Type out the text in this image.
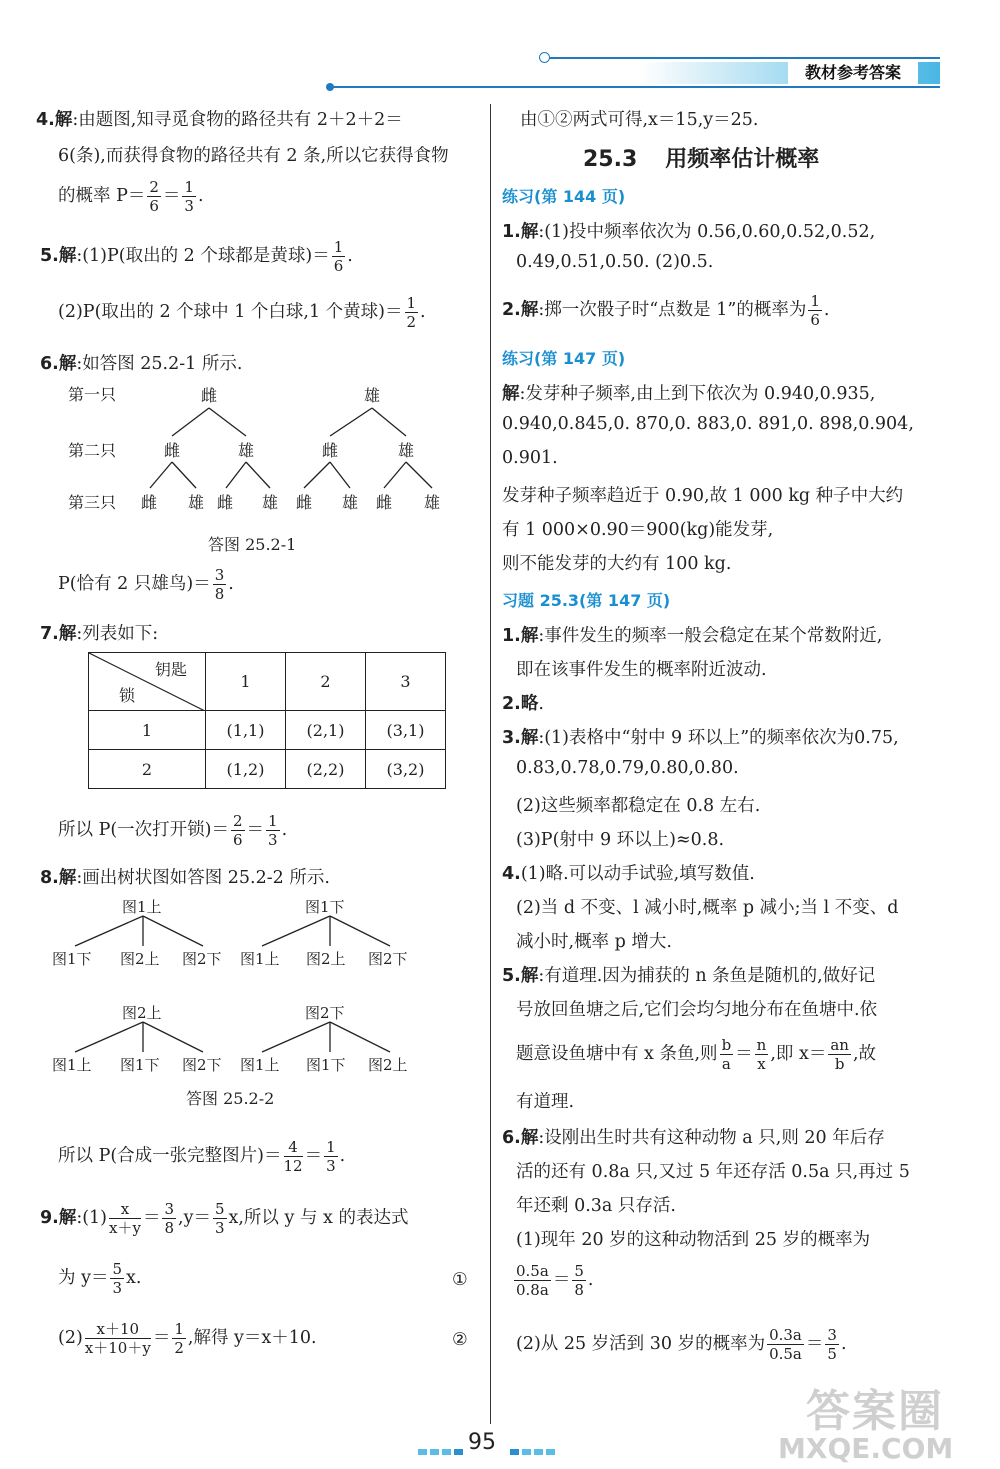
教材参考答案
4.解:由题图,知寻觅食物的路径共有 2＋2＋2＝
6(条),而获得食物的路径共有 2 条,所以它获得食物
的概率 $P= \frac{2}{6} = \frac{1}{3}$ .
5.解:(1)P(取出的 2 个球都是黄球)＝ $\frac{1}{6}$ .
(2)P(取出的 2 个球中 1 个白球,1 个黄球)＝ $\frac{1}{2}$ .
6.解:如答图 25.2-1 所示.
第一只
第二只
第三只
雌	雄
雌	雄	雌	雄
雌 雄 雌 雄 雌 雄 雌 雄
答图 25.2-1
P(恰有 2 只雄鸟)＝ $\frac{3}{8}$ .
7.解:列表如下:
钥匙
锁	1	2	3
1	(1,1)	(2,1)	(3,1)
2	(1,2)	(2,2)	(3,2)
所以 P(一次打开锁)＝ $\frac{2}{6} = \frac{1}{3}$ .
8.解:画出树状图如答图 25.2-2 所示.
图1上
图1下 图2上 图2下
图1下
图1上 图2上 图2下
图2上
图1上 图1下 图2下
图2下
图1上 图1下 图2上
答图 25.2-2
所以 P(合成一张完整图片)＝ $\frac{4}{12} = \frac{1}{3}$ .
9.解:(1) $\frac{x}{x+y} = \frac{3}{8} ,y= \frac{5}{3} x$,所以 y 与 x 的表达式
为 $y= \frac{5}{3} x$.	①
$(2) \frac{x+10}{x+10+y} = \frac{1}{2}$ ,解得 y＝x＋10.	②
由①②两式可得,x＝15,y＝25.
25.3 用频率估计概率
练习(第 144 页)
1.解:(1)投中频率依次为 0.56,0.60,0.52,0.52,
0.49,0.51,0.50. (2)0.5.
2.解:掷一次骰子时“点数是 1”的概率为 $\frac{1}{6}$ .
练习(第 147 页)
解:发芽种子频率,由上到下依次为 0.940,0.935,
0.940,0.845,0. 870,0. 883,0. 891,0. 898,0.904,
0.901.
发芽种子频率趋近于 0.90,故 1 000 kg 种子中大约
有 1 000×0.90＝900(kg)能发芽,
则不能发芽的大约有 100 kg.
习题 25.3(第 147 页)
1.解:事件发生的频率一般会稳定在某个常数附近,
即在该事件发生的概率附近波动.
2.略.
3.解:(1)表格中“射中 9 环以上”的频率依次为0.75,
0.83,0.78,0.79,0.80,0.80.
(2)这些频率都稳定在 0.8 左右.
(3)P(射中 9 环以上)≈0.8.
4.(1)略.可以动手试验,填写数值.
(2)当 d 不变、l 减小时,概率 p 减小;当 l 不变、d
减小时,概率 p 增大.
5.解:有道理.因为捕获的 n 条鱼是随机的,做好记
号放回鱼塘之后,它们会均匀地分布在鱼塘中.依
题意设鱼塘中有 x 条鱼,则 $\frac{b}{a} = \frac{n}{x}$ ,即 $x= \frac{an}{b}$ ,故
有道理.
6.解:设刚出生时共有这种动物 a 只,则 20 年后存
活的还有 0.8a 只,又过 5 年还存活 0.5a 只,再过 5
年还剩 0.3a 只存活.
(1)现年 20 岁的这种动物活到 25 岁的概率为
$\frac{0.5a}{0.8a} = \frac{5}{8}$ .
(2)从 25 岁活到 30 岁的概率为 $\frac{0.3a}{0.5a} = \frac{3}{5}$ .
95
答案圈
MXQE.COM
